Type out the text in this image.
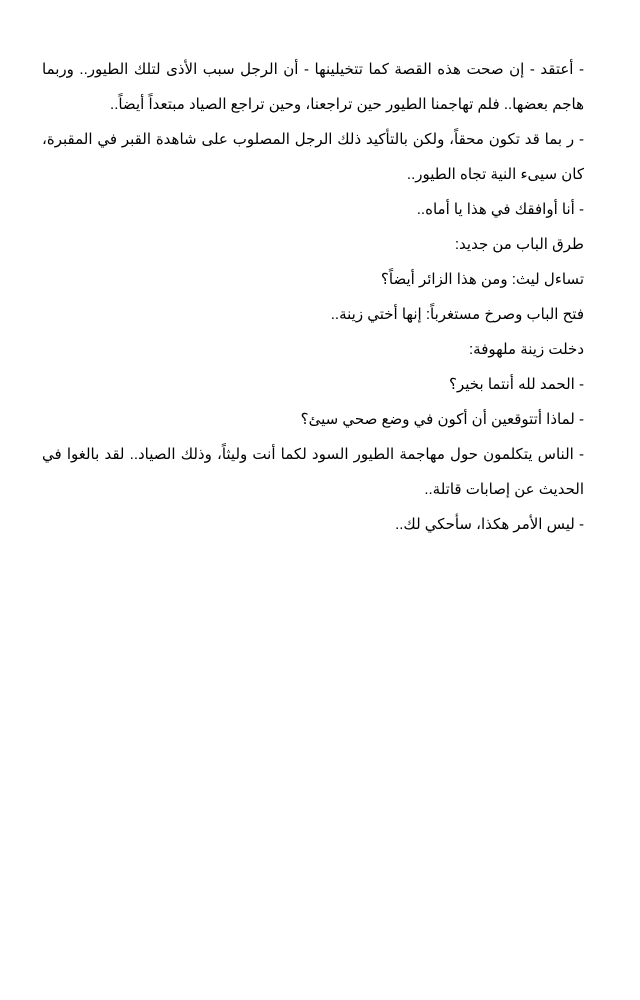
- أعتقد - إن صحت هذه القصة كما تتخيلينها - أن الرجل سبب الأذى لتلك الطيور.. وربما هاجم بعضها.. فلم تهاجمنا الطيور حين تراجعنا، وحين تراجع الصياد مبتعداً أيضاً..

- ر بما قد تكون محقاً، ولكن بالتأكيد ذلك الرجل المصلوب على شاهدة القبر في المقبرة، كان سيىء النية تجاه الطيور..

- أنا أوافقك في هذا يا أماه..

طرق الباب من جديد:

تساءل ليث: ومن هذا الزائر أيضاً؟

فتح الباب وصرخ مستغرباً: إنها أختي زينة..

دخلت زينة ملهوفة:

- الحمد لله أنتما بخير؟

- لماذا أتتوقعين أن أكون في وضع صحي سيئ؟

- الناس يتكلمون حول مهاجمة الطيور السود لكما أنت وليثاً، وذلك الصياد.. لقد بالغوا في الحديث عن إصابات قاتلة..

- ليس الأمر هكذا، سأحكي لك..
